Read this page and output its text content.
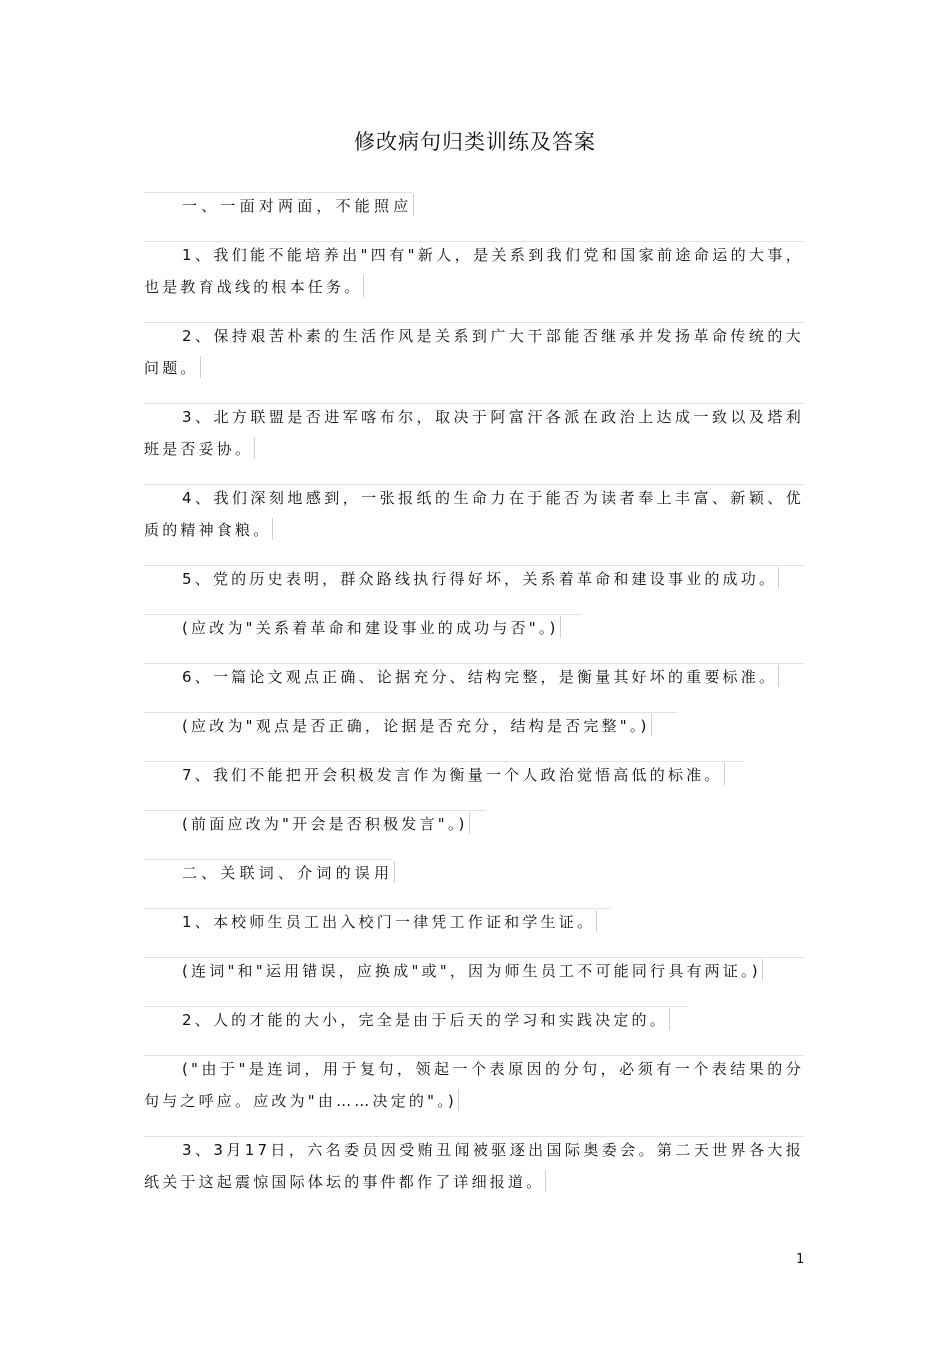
修改病句归类训练及答案

一、一面对两面，不能照应

1、我们能不能培养出"四有"新人，是关系到我们党和国家前途命运的大事，也是教育战线的根本任务。

2、保持艰苦朴素的生活作风是关系到广大干部能否继承并发扬革命传统的大问题。

3、北方联盟是否进军喀布尔，取决于阿富汗各派在政治上达成一致以及塔利班是否妥协。

4、我们深刻地感到，一张报纸的生命力在于能否为读者奉上丰富、新颖、优质的精神食粮。

5、党的历史表明，群众路线执行得好坏，关系着革命和建设事业的成功。

(应改为"关系着革命和建设事业的成功与否"。)

6、一篇论文观点正确、论据充分、结构完整，是衡量其好坏的重要标准。

(应改为"观点是否正确，论据是否充分，结构是否完整"。)

7、我们不能把开会积极发言作为衡量一个人政治觉悟高低的标准。

(前面应改为"开会是否积极发言"。)

二、关联词、介词的误用

1、本校师生员工出入校门一律凭工作证和学生证。

(连词"和"运用错误，应换成"或"，因为师生员工不可能同行具有两证。)

2、人的才能的大小，完全是由于后天的学习和实践决定的。

("由于"是连词，用于复句，领起一个表原因的分句，必须有一个表结果的分句与之呼应。应改为"由……决定的"。)

3、3月17日，六名委员因受贿丑闻被驱逐出国际奥委会。第二天世界各大报纸关于这起震惊国际体坛的事件都作了详细报道。

1
